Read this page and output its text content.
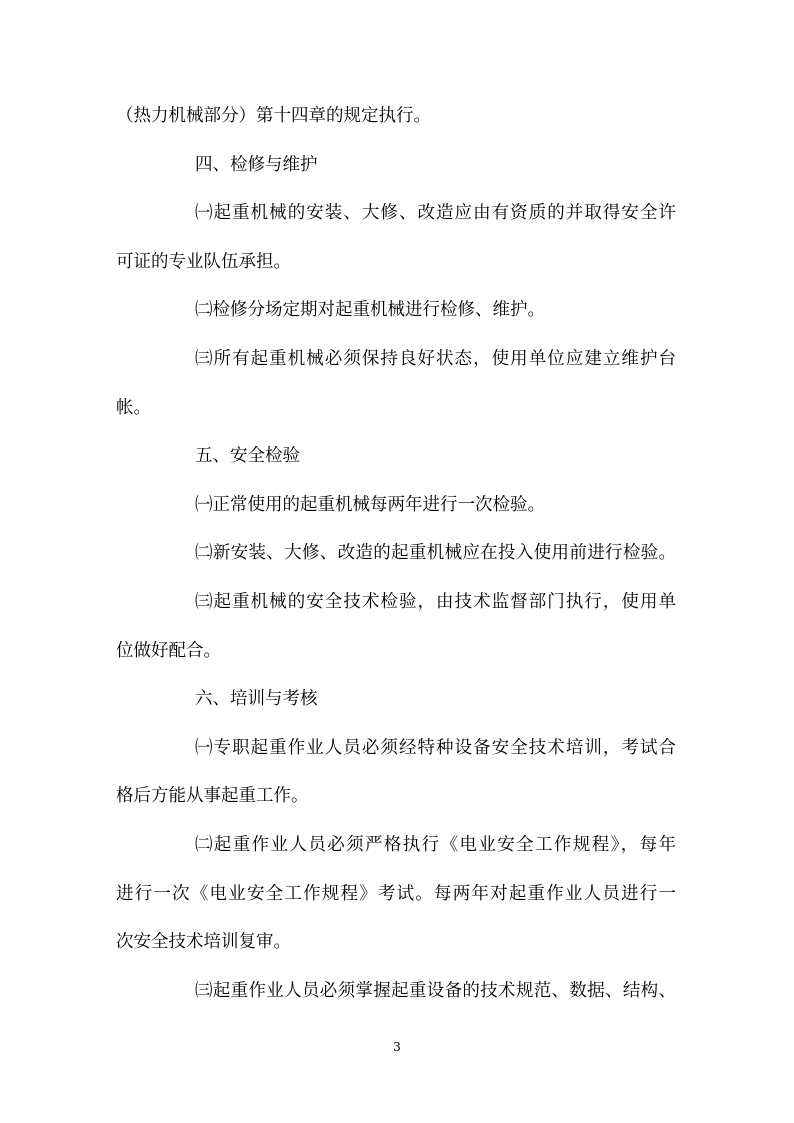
（热力机械部分）第十四章的规定执行。
四、检修与维护
㈠起重机械的安装、大修、改造应由有资质的并取得安全许
可证的专业队伍承担。
㈡检修分场定期对起重机械进行检修、维护。
㈢所有起重机械必须保持良好状态，使用单位应建立维护台
帐。
五、安全检验
㈠正常使用的起重机械每两年进行一次检验。
㈡新安装、大修、改造的起重机械应在投入使用前进行检验。
㈢起重机械的安全技术检验，由技术监督部门执行，使用单
位做好配合。
六、培训与考核
㈠专职起重作业人员必须经特种设备安全技术培训，考试合
格后方能从事起重工作。
㈡起重作业人员必须严格执行《电业安全工作规程》，每年
进行一次《电业安全工作规程》考试。每两年对起重作业人员进行一
次安全技术培训复审。
㈢起重作业人员必须掌握起重设备的技术规范、数据、结构、
3
